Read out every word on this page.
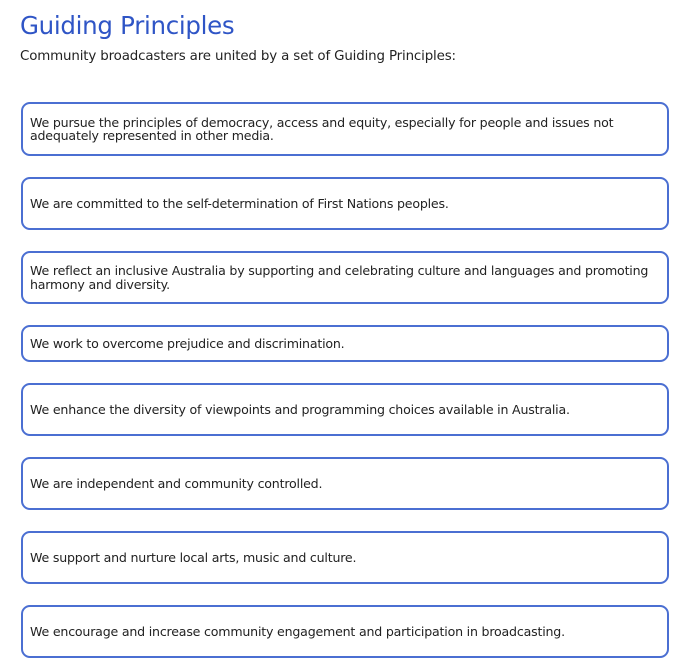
Guiding Principles

Community broadcasters are united by a set of Guiding Principles:

We pursue the principles of democracy, access and equity, especially for people and issues not adequately represented in other media.
We are committed to the self-determination of First Nations peoples.
We reflect an inclusive Australia by supporting and celebrating culture and languages and promoting harmony and diversity.
We work to overcome prejudice and discrimination.
We enhance the diversity of viewpoints and programming choices available in Australia.
We are independent and community controlled.
We support and nurture local arts, music and culture.
We encourage and increase community engagement and participation in broadcasting.
